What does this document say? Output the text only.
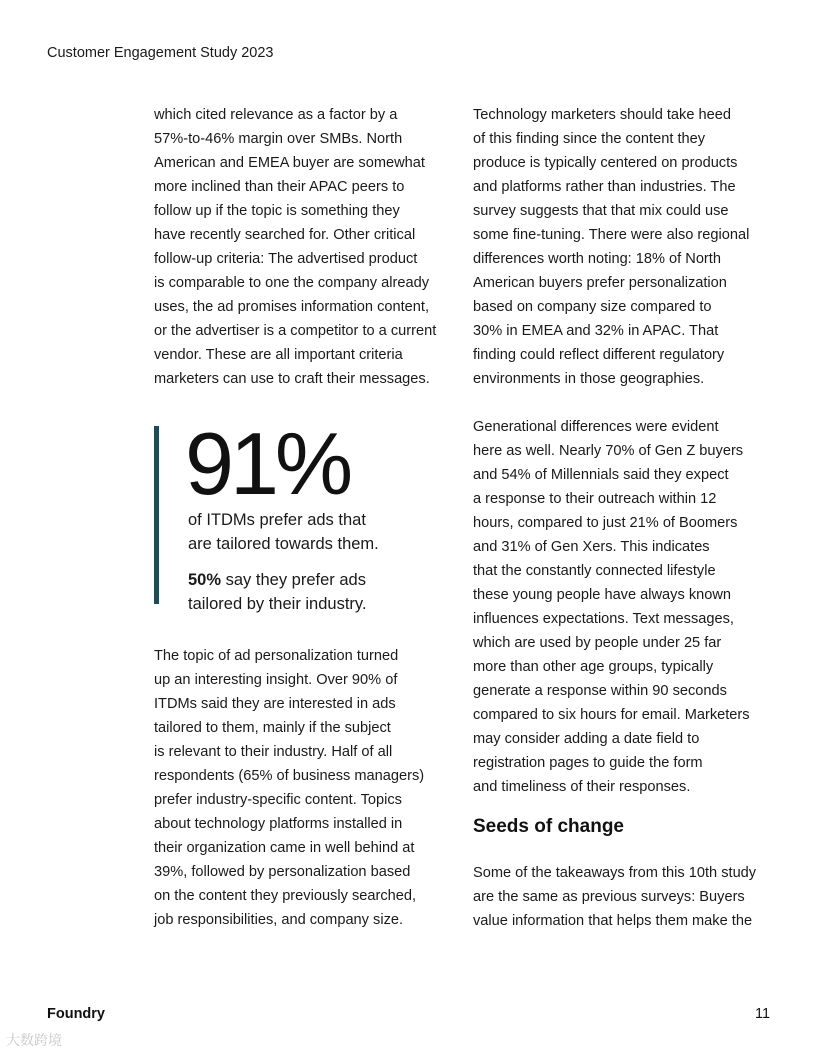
Customer Engagement Study 2023
which cited relevance as a factor by a
57%-to-46% margin over SMBs. North
American and EMEA buyer are somewhat
more inclined than their APAC peers to
follow up if the topic is something they
have recently searched for. Other critical
follow-up criteria: The advertised product
is comparable to one the company already
uses, the ad promises information content,
or the advertiser is a competitor to a current
vendor. These are all important criteria
marketers can use to craft their messages.
91%
of ITDMs prefer ads that
are tailored towards them.
50% say they prefer ads
tailored by their industry.
The topic of ad personalization turned
up an interesting insight. Over 90% of
ITDMs said they are interested in ads
tailored to them, mainly if the subject
is relevant to their industry. Half of all
respondents (65% of business managers)
prefer industry-specific content. Topics
about technology platforms installed in
their organization came in well behind at
39%, followed by personalization based
on the content they previously searched,
job responsibilities, and company size.
Technology marketers should take heed
of this finding since the content they
produce is typically centered on products
and platforms rather than industries. The
survey suggests that that mix could use
some fine-tuning. There were also regional
differences worth noting: 18% of North
American buyers prefer personalization
based on company size compared to
30% in EMEA and 32% in APAC. That
finding could reflect different regulatory
environments in those geographies.
Generational differences were evident
here as well. Nearly 70% of Gen Z buyers
and 54% of Millennials said they expect
a response to their outreach within 12
hours, compared to just 21% of Boomers
and 31% of Gen Xers. This indicates
that the constantly connected lifestyle
these young people have always known
influences expectations. Text messages,
which are used by people under 25 far
more than other age groups, typically
generate a response within 90 seconds
compared to six hours for email. Marketers
may consider adding a date field to
registration pages to guide the form
and timeliness of their responses.
Seeds of change
Some of the takeaways from this 10th study
are the same as previous surveys: Buyers
value information that helps them make the
Foundry	11
大数跨境
